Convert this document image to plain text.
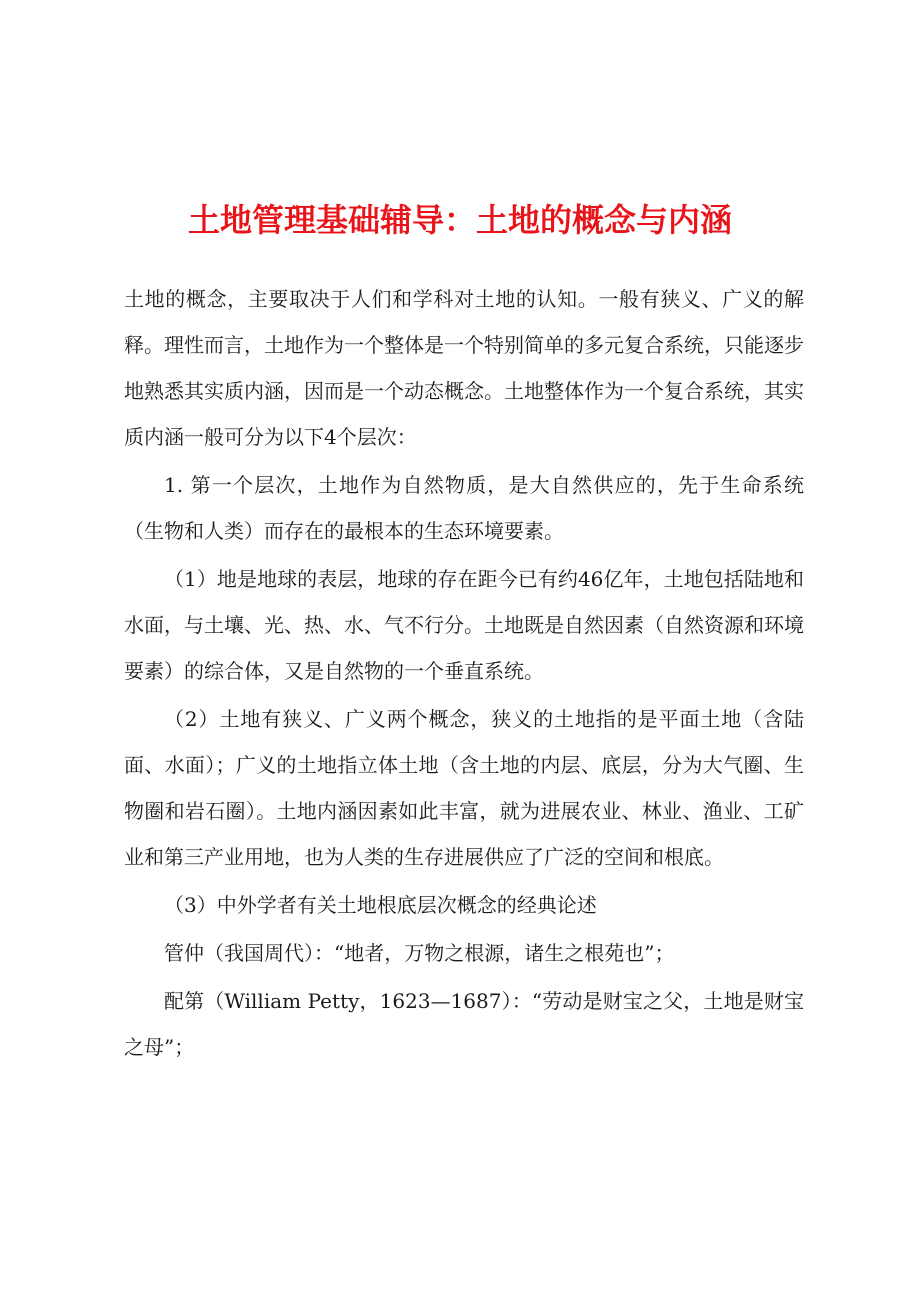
土地管理基础辅导：土地的概念与内涵

土地的概念，主要取决于人们和学科对土地的认知。一般有狭义、广义的解释。理性而言，土地作为一个整体是一个特别简单的多元复合系统，只能逐步地熟悉其实质内涵，因而是一个动态概念。土地整体作为一个复合系统，其实质内涵一般可分为以下4个层次：

1. 第一个层次，土地作为自然物质，是大自然供应的，先于生命系统（生物和人类）而存在的最根本的生态环境要素。

（1）地是地球的表层，地球的存在距今已有约46亿年，土地包括陆地和水面，与土壤、光、热、水、气不行分。土地既是自然因素（自然资源和环境要素）的综合体，又是自然物的一个垂直系统。

（2）土地有狭义、广义两个概念，狭义的土地指的是平面土地（含陆面、水面）；广义的土地指立体土地（含土地的内层、底层，分为大气圈、生物圈和岩石圈）。土地内涵因素如此丰富，就为进展农业、林业、渔业、工矿业和第三产业用地，也为人类的生存进展供应了广泛的空间和根底。

（3）中外学者有关土地根底层次概念的经典论述

管仲（我国周代）：“地者，万物之根源，诸生之根苑也”；

配第（William Petty，1623—1687）：“劳动是财宝之父，土地是财宝之母”；
